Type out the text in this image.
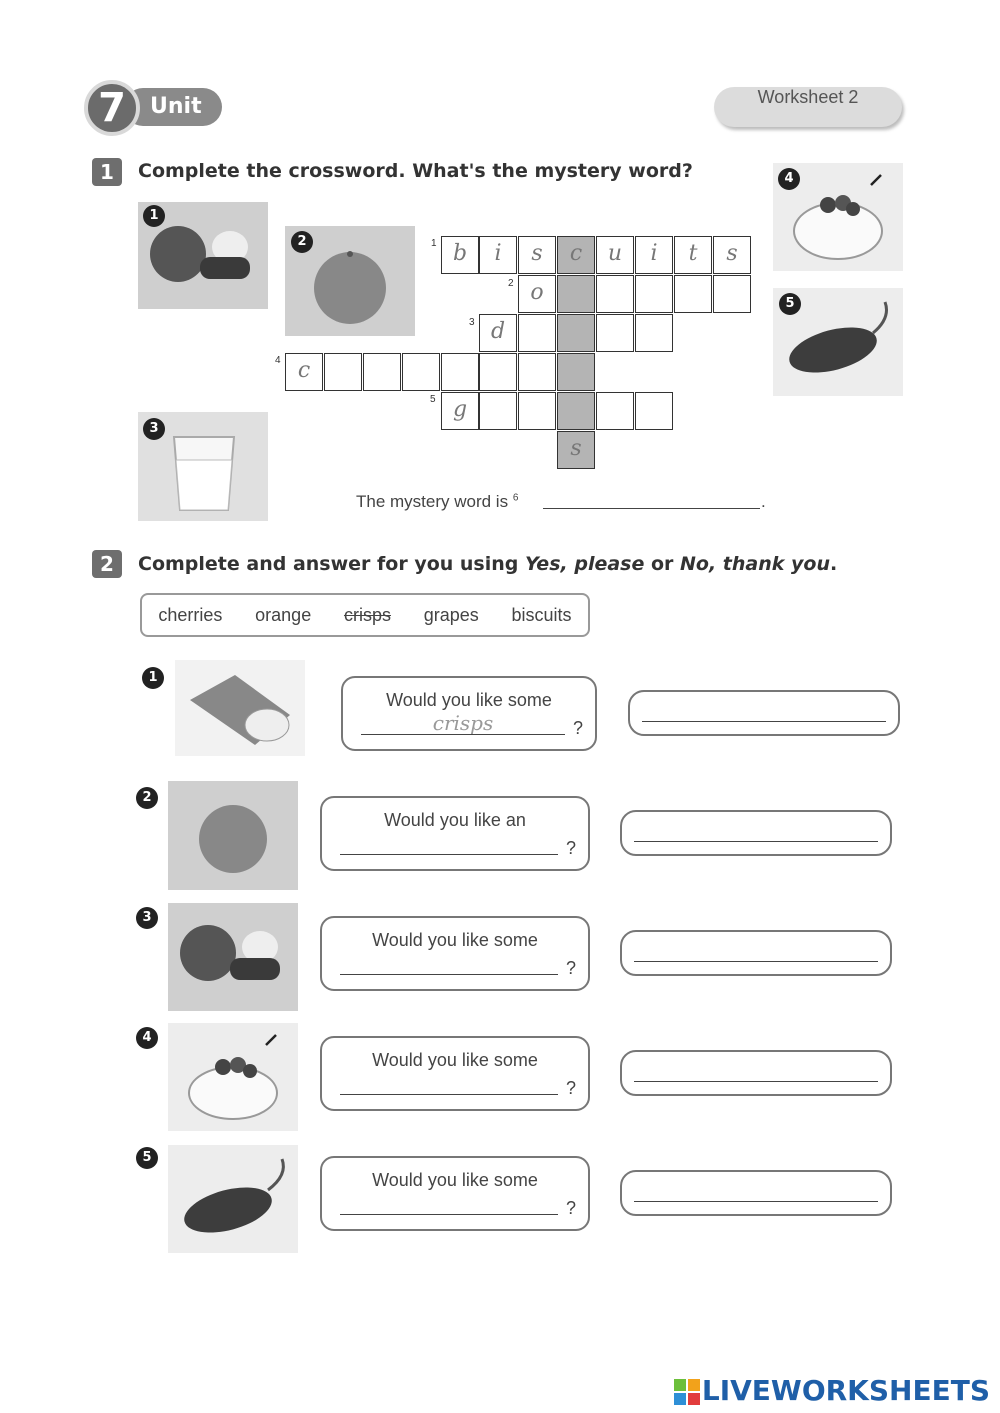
7	Unit	Worksheet 2
1	Complete the crossword. What's the mystery word?
1
2
3
4
5
1
2
3
4
5
b	i	s	c	u	i	t	s
o
d
c
g
s
The mystery word is $^6$	.
2	Complete and answer for you using Yes, please or No, thank you.
cherries orange crisps grapes biscuits
1
Would you like some
crisps	?
2
Would you like an
?
3
Would you like some
?
4
Would you like some
?
5
Would you like some
?
LIVEWORKSHEETS
